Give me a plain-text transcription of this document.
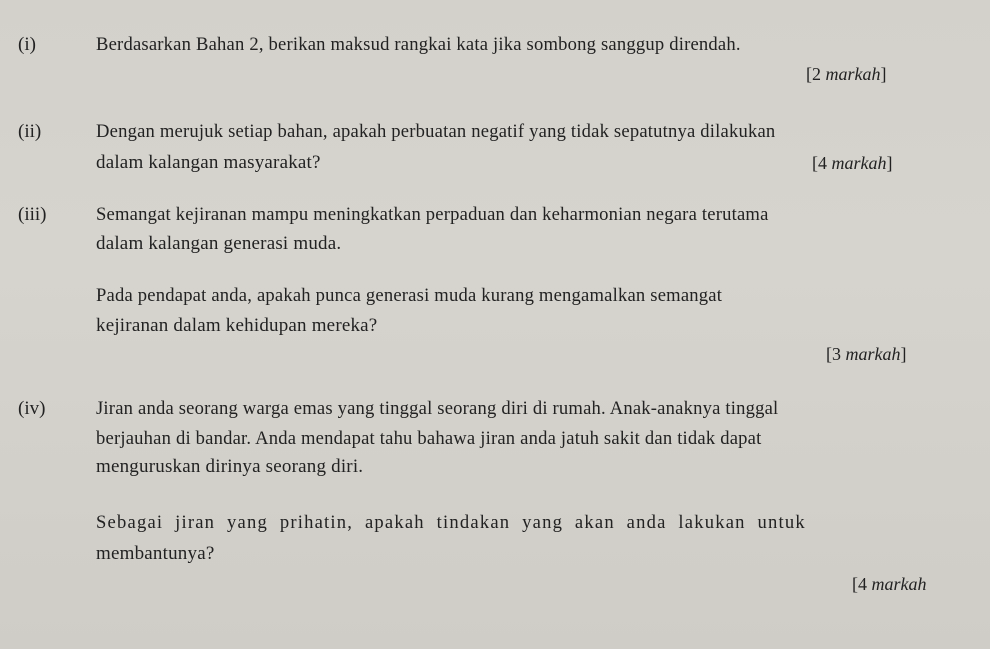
(i)	Berdasarkan Bahan 2, berikan maksud rangkai kata jika sombong sanggup direndah.
[2 markah]
(ii)	Dengan merujuk setiap bahan, apakah perbuatan negatif yang tidak sepatutnya dilakukan
dalam kalangan masyarakat?	[4 markah]
(iii)	Semangat kejiranan mampu meningkatkan perpaduan dan keharmonian negara terutama
dalam kalangan generasi muda.
Pada pendapat anda, apakah punca generasi muda kurang mengamalkan semangat
kejiranan dalam kehidupan mereka?
[3 markah]
(iv)	Jiran anda seorang warga emas yang tinggal seorang diri di rumah. Anak-anaknya tinggal
berjauhan di bandar. Anda mendapat tahu bahawa jiran anda jatuh sakit dan tidak dapat
menguruskan dirinya seorang diri.
Sebagai jiran yang prihatin, apakah tindakan yang akan anda lakukan untuk
membantunya?
[4 markah
